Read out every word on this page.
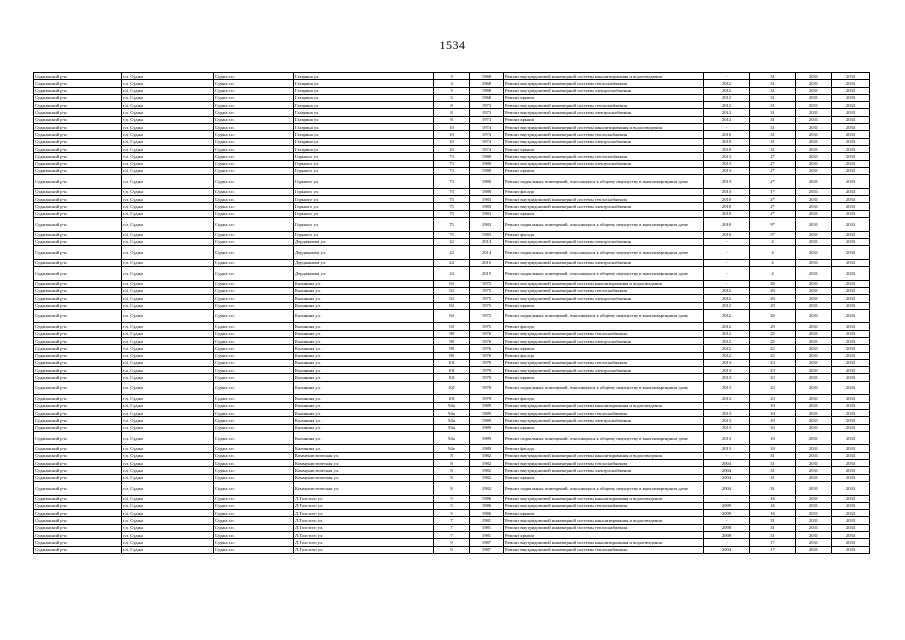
1534
Суджанский р-н	г.п. Суджа	Суджа г.п.	Гагарина ул.	3	1968	Ремонт внутридомовой инженерной системы канализирования и водоотведения	-	31	2031	2033
Суджанский р-н	г.п. Суджа	Суджа г.п.	Гагарина ул.	3	1968	Ремонт внутридомовой инженерной системы теплоснабжения	2012	31	2031	2033
Суджанский р-н	г.п. Суджа	Суджа г.п.	Гагарина ул.	3	1968	Ремонт внутридомовой инженерной системы электроснабжения	2012	31	2031	2033
Суджанский р-н	г.п. Суджа	Суджа г.п.	Гагарина ул.	3	1968	Ремонт крыши	2012	31	2031	2033
Суджанский р-н	г.п. Суджа	Суджа г.п.	Гагарина ул.	8	1973	Ремонт внутридомовой инженерной системы теплоснабжения	2012	31	2031	2033
Суджанский р-н	г.п. Суджа	Суджа г.п.	Гагарина ул.	8	1973	Ремонт внутридомовой инженерной системы электроснабжения	2012	31	2031	2033
Суджанский р-н	г.п. Суджа	Суджа г.п.	Гагарина ул.	8	1973	Ремонт крыши	2012	31	2031	2033
Суджанский р-н	г.п. Суджа	Суджа г.п.	Гагарина ул.	10	1974	Ремонт внутридомовой инженерной системы канализирования и водоотведения	-	31	2031	2033
Суджанский р-н	г.п. Суджа	Суджа г.п.	Гагарина ул.	10	1974	Ремонт внутридомовой инженерной системы теплоснабжения	2010	31	2031	2033
Суджанский р-н	г.п. Суджа	Суджа г.п.	Гагарина ул.	10	1974	Ремонт внутридомовой инженерной системы электроснабжения	2010	31	2031	2033
Суджанский р-н	г.п. Суджа	Суджа г.п.	Гагарина ул.	10	1974	Ремонт крыши	2010	31	2031	2033
Суджанский р-н	г.п. Суджа	Суджа г.п.	Горького ул.	73	1980	Ремонт внутридомовой инженерной системы теплоснабжения	2013	2*	2031	2033
Суджанский р-н	г.п. Суджа	Суджа г.п.	Горького ул.	73	1980	Ремонт внутридомовой инженерной системы электроснабжения	2013	2*	2031	2033
Суджанский р-н	г.п. Суджа	Суджа г.п.	Горького ул.	73	1980	Ремонт крыши	2013	2*	2031	2033
Суджанский р-н	г.п. Суджа	Суджа г.п.	Горького ул.	73	1980	Ремонт подвальных помещений, относящихся к общему имуществу в многоквартирном доме	2013	2*	2031	2033
Суджанский р-н	г.п. Суджа	Суджа г.п.	Горького ул.	73	1980	Ремонт фасада	2013	1*	2031	2033
Суджанский р-н	г.п. Суджа	Суджа г.п.	Горького ул.	75	1983	Ремонт внутридомовой инженерной системы теплоснабжения	2010	2*	2031	2033
Суджанский р-н	г.п. Суджа	Суджа г.п.	Горького ул.	75	1983	Ремонт внутридомовой инженерной системы электроснабжения	2010	2*	2031	2033
Суджанский р-н	г.п. Суджа	Суджа г.п.	Горького ул.	75	1983	Ремонт крыши	2010	2*	2031	2033
Суджанский р-н	г.п. Суджа	Суджа г.п.	Горького ул.	75	1983	Ремонт подвальных помещений, относящихся к общему имуществу в многоквартирном доме	2010	9*	2031	2033
Суджанский р-н	г.п. Суджа	Суджа г.п.	Горького ул.	75	1983	Ремонт фасада	2010	3*	2031	2033
Суджанский р-н	г.п. Суджа	Суджа г.п.	Дерджинова ул.	22	2014	Ремонт внутридомовой инженерной системы электроснабжения	-	4	2031	2033
Суджанский р-н	г.п. Суджа	Суджа г.п.	Дерджинова ул.	22	2014	Ремонт подвальных помещений, относящихся к общему имуществу в многоквартирном доме	-	4	2031	2033
Суджанский р-н	г.п. Суджа	Суджа г.п.	Дерджинова ул.	24	2015	Ремонт внутридомовой инженерной системы электроснабжения	-	4	2031	2033
Суджанский р-н	г.п. Суджа	Суджа г.п.	Дерджинова ул.	24	2015	Ремонт подвальных помещений, относящихся к общему имуществу в многоквартирном доме	-	4	2031	2033
Суджанский р-н	г.п. Суджа	Суджа г.п.	Калинина ул.	94	1975	Ремонт внутридомовой инженерной системы канализирования и водоотведения	-	29	2031	2033
Суджанский р-н	г.п. Суджа	Суджа г.п.	Калинина ул.	94	1975	Ремонт внутридомовой инженерной системы теплоснабжения	2012	29	2031	2033
Суджанский р-н	г.п. Суджа	Суджа г.п.	Калинина ул.	94	1975	Ремонт внутридомовой инженерной системы электроснабжения	2012	29	2031	2033
Суджанский р-н	г.п. Суджа	Суджа г.п.	Калинина ул.	94	1975	Ремонт крыши	2012	29	2031	2033
Суджанский р-н	г.п. Суджа	Суджа г.п.	Калинина ул.	94	1975	Ремонт подвальных помещений, относящихся к общему имуществу в многоквартирном доме	2012	29	2031	2033
Суджанский р-н	г.п. Суджа	Суджа г.п.	Калинина ул.	94	1975	Ремонт фасада	2012	29	2031	2033
Суджанский р-н	г.п. Суджа	Суджа г.п.	Калинина ул.	98	1976	Ремонт внутридомовой инженерной системы теплоснабжения	2012	25	2031	2033
Суджанский р-н	г.п. Суджа	Суджа г.п.	Калинина ул.	98	1976	Ремонт внутридомовой инженерной системы электроснабжения	2012	25	2031	2033
Суджанский р-н	г.п. Суджа	Суджа г.п.	Калинина ул.	98	1976	Ремонт крыши	2012	25	2031	2033
Суджанский р-н	г.п. Суджа	Суджа г.п.	Калинина ул.	98	1976	Ремонт фасада	2012	25	2031	2033
Суджанский р-н	г.п. Суджа	Суджа г.п.	Калинина ул.	101	1979	Ремонт внутридомовой инженерной системы теплоснабжения	2013	23	2031	2033
Суджанский р-н	г.п. Суджа	Суджа г.п.	Калинина ул.	101	1979	Ремонт внутридомовой инженерной системы электроснабжения	2013	23	2031	2033
Суджанский р-н	г.п. Суджа	Суджа г.п.	Калинина ул.	101	1979	Ремонт крыши	2013	23	2031	2033
Суджанский р-н	г.п. Суджа	Суджа г.п.	Калинина ул.	101	1979	Ремонт подвальных помещений, относящихся к общему имуществу в многоквартирном доме	2013	23	2031	2033
Суджанский р-н	г.п. Суджа	Суджа г.п.	Калинина ул.	101	1979	Ремонт фасада	2013	23	2031	2033
Суджанский р-н	г.п. Суджа	Суджа г.п.	Калинина ул.	94а	1989	Ремонт внутридомовой инженерной системы канализирования и водоотведения	-	10	2031	2033
Суджанский р-н	г.п. Суджа	Суджа г.п.	Калинина ул.	94а	1989	Ремонт внутридомовой инженерной системы теплоснабжения	2013	10	2031	2033
Суджанский р-н	г.п. Суджа	Суджа г.п.	Калинина ул.	94а	1989	Ремонт внутридомовой инженерной системы электроснабжения	2013	10	2031	2033
Суджанский р-н	г.п. Суджа	Суджа г.п.	Калинина ул.	94а	1989	Ремонт крыши	2013	10	2031	2033
Суджанский р-н	г.п. Суджа	Суджа г.п.	Калинина ул.	94а	1989	Ремонт подвальных помещений, относящихся к общему имуществу в многоквартирном доме	2013	10	2031	2033
Суджанский р-н	г.п. Суджа	Суджа г.п.	Калинина ул.	94а	1989	Ремонт фасада	2013	10	2031	2033
Суджанский р-н	г.п. Суджа	Суджа г.п.	Коммунистическая ул.	8	1982	Ремонт внутридомовой инженерной системы канализирования и водоотведения	-	31	2031	2033
Суджанский р-н	г.п. Суджа	Суджа г.п.	Коммунистическая ул.	8	1982	Ремонт внутридомовой инженерной системы теплоснабжения	2004	31	2031	2033
Суджанский р-н	г.п. Суджа	Суджа г.п.	Коммунистическая ул.	8	1982	Ремонт внутридомовой инженерной системы электроснабжения	2004	31	2031	2033
Суджанский р-н	г.п. Суджа	Суджа г.п.	Коммунистическая ул.	8	1982	Ремонт крыши	2004	31	2031	2033
Суджанский р-н	г.п. Суджа	Суджа г.п.	Коммунистическая ул.	8	1982	Ремонт подвальных помещений, относящихся к общему имуществу в многоквартирном доме	2004	31	2031	2033
Суджанский р-н	г.п. Суджа	Суджа г.п.	Л.Толстого ул.	5	1986	Ремонт внутридомовой инженерной системы канализирования и водоотведения	-	16	2031	2033
Суджанский р-н	г.п. Суджа	Суджа г.п.	Л.Толстого ул.	5	1986	Ремонт внутридомовой инженерной системы теплоснабжения	2009	16	2031	2033
Суджанский р-н	г.п. Суджа	Суджа г.п.	Л.Толстого ул.	5	1986	Ремонт крыши	2009	16	2031	2033
Суджанский р-н	г.п. Суджа	Суджа г.п.	Л.Толстого ул.	7	1981	Ремонт внутридомовой инженерной системы канализирования и водоотведения	-	31	2031	2033
Суджанский р-н	г.п. Суджа	Суджа г.п.	Л.Толстого ул.	7	1981	Ремонт внутридомовой инженерной системы теплоснабжения	2008	31	2031	2033
Суджанский р-н	г.п. Суджа	Суджа г.п.	Л.Толстого ул.	7	1981	Ремонт крыши	2008	31	2031	2033
Суджанский р-н	г.п. Суджа	Суджа г.п.	Л.Толстого ул.	9	1987	Ремонт внутридомовой инженерной системы канализирования и водоотведения	-	17	2031	2033
Суджанский р-н	г.п. Суджа	Суджа г.п.	Л.Толстого ул.	9	1987	Ремонт внутридомовой инженерной системы теплоснабжения	2004	17	2031	2033
